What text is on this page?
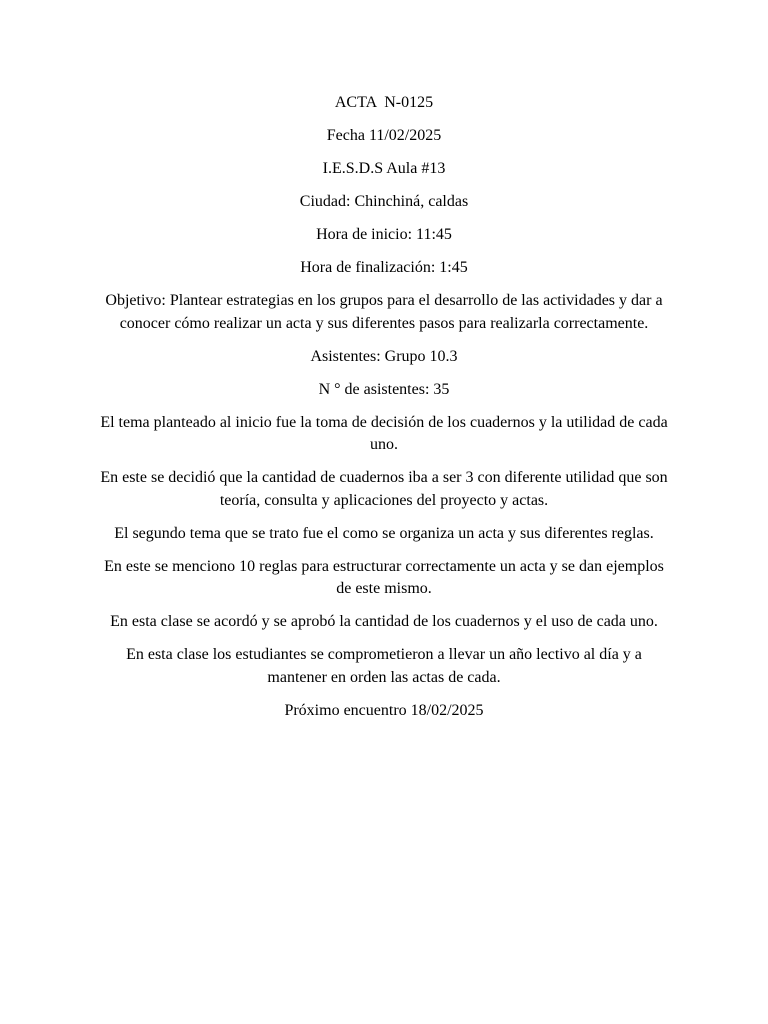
ACTA  N-0125

Fecha 11/02/2025

I.E.S.D.S Aula #13

Ciudad: Chinchiná, caldas

Hora de inicio: 11:45

Hora de finalización: 1:45

Objetivo: Plantear estrategias en los grupos para el desarrollo de las actividades y dar a conocer cómo realizar un acta y sus diferentes pasos para realizarla correctamente.

Asistentes: Grupo 10.3

N ° de asistentes: 35

El tema planteado al inicio fue la toma de decisión de los cuadernos y la utilidad de cada uno.

En este se decidió que la cantidad de cuadernos iba a ser 3 con diferente utilidad que son teoría, consulta y aplicaciones del proyecto y actas.

El segundo tema que se trato fue el como se organiza un acta y sus diferentes reglas.

En este se menciono 10 reglas para estructurar correctamente un acta y se dan ejemplos de este mismo.

En esta clase se acordó y se aprobó la cantidad de los cuadernos y el uso de cada uno.

En esta clase los estudiantes se comprometieron a llevar un año lectivo al día y a mantener en orden las actas de cada.

Próximo encuentro 18/02/2025
